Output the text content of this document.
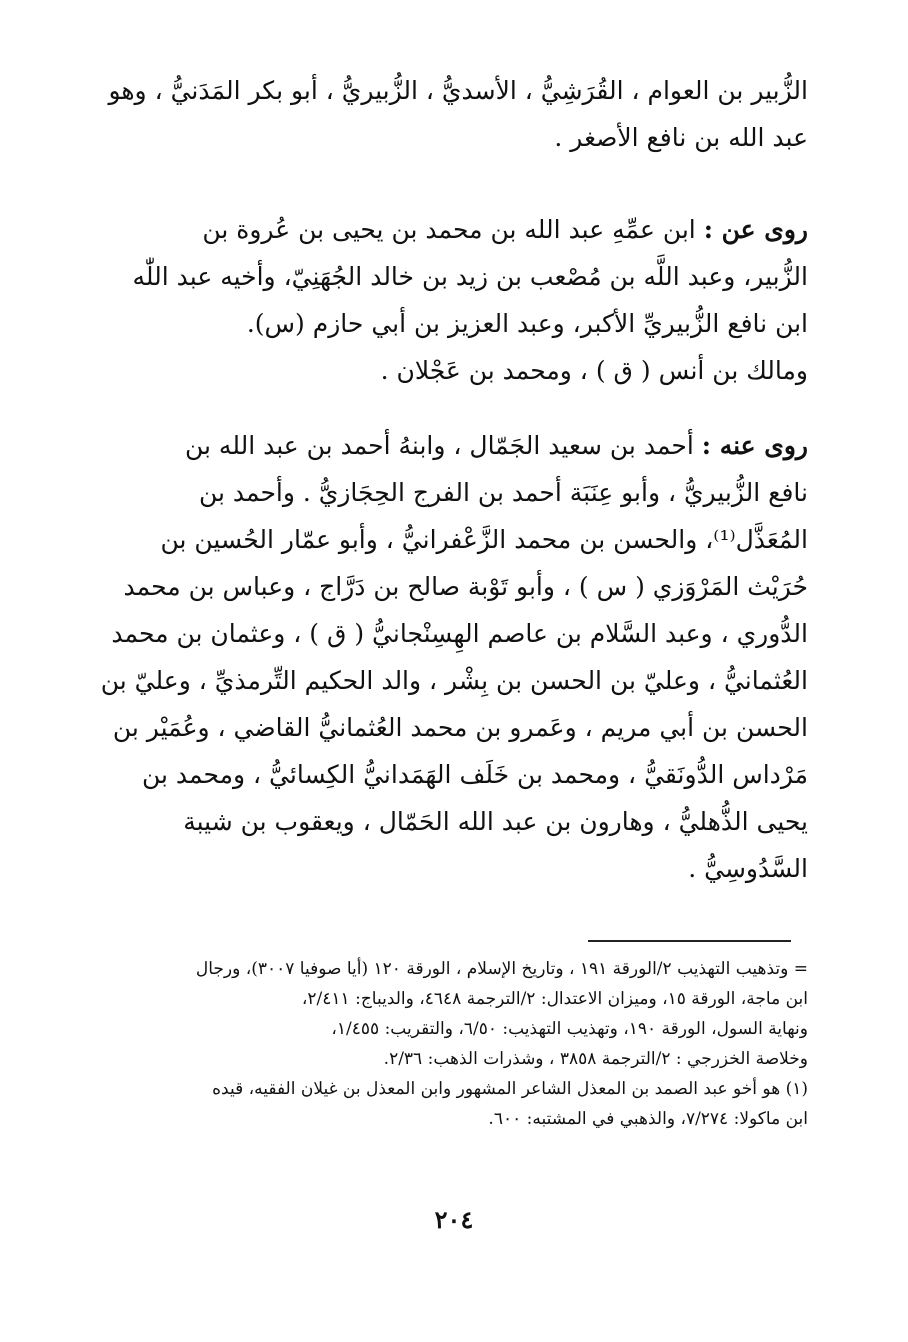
الزُّبير بن العوام ، القُرَشِيُّ ، الأسديُّ ، الزُّبيريُّ ، أبو بكر المَدَنيُّ ، وهو
عبد الله بن نافع الأصغر .
روى عن : ابن عمِّهِ عبد الله بن محمد بن يحيى بن عُروة بن
الزُّبير، وعبد اللَّه بن مُصْعب بن زيد بن خالد الجُهَنِيّ، وأخيه عبد اللّٰه
ابن نافع الزُّبيريِّ الأكبر، وعبد العزيز بن أبي حازم (س).
ومالك بن أنس ( ق ) ، ومحمد بن عَجْلان .
روى عنه : أحمد بن سعيد الجَمّال ، وابنهُ أحمد بن عبد الله بن
نافع الزُّبيريُّ ، وأبو عِنَبَة أحمد بن الفرج الحِجَازيُّ . وأحمد بن
المُعَذَّل⁽¹⁾، والحسن بن محمد الزَّعْفرانيُّ ، وأبو عمّار الحُسين بن
حُرَيْث المَرْوَزي ( س ) ، وأبو تَوْبة صالح بن دَرَّاج ، وعباس بن محمد
الدُّوري ، وعبد السَّلام بن عاصم الهِسِنْجانيُّ ( ق ) ، وعثمان بن محمد
العُثمانيُّ ، وعليّ بن الحسن بن بِشْر ، والد الحكيم التِّرمذيِّ ، وعليّ بن
الحسن بن أبي مريم ، وعَمرو بن محمد العُثمانيُّ القاضي ، وعُمَيْر بن
مَرْداس الدُّونَقيُّ ، ومحمد بن خَلَف الهَمَدانيُّ الكِسائيُّ ، ومحمد بن
يحيى الذُّهليُّ ، وهارون بن عبد الله الحَمّال ، ويعقوب بن شيبة
السَّدُوسِيُّ .
= وتذهيب التهذيب ٢/الورقة ١٩١ ، وتاريخ الإسلام ، الورقة ١٢٠ (أيا صوفيا ٣٠٠٧)، ورجال
ابن ماجة، الورقة ١٥، وميزان الاعتدال: ٢/الترجمة ٤٦٤٨، والديباج: ٢/٤١١،
ونهاية السول، الورقة ١٩٠، وتهذيب التهذيب: ٦/٥٠، والتقريب: ١/٤٥٥،
وخلاصة الخزرجي : ٢/الترجمة ٣٨٥٨ ، وشذرات الذهب: ٢/٣٦.
(١) هو أخو عبد الصمد بن المعذل الشاعر المشهور وابن المعذل بن غيلان الفقيه، قيده
ابن ماكولا: ٧/٢٧٤، والذهبي في المشتبه: ٦٠٠.
٢٠٤
